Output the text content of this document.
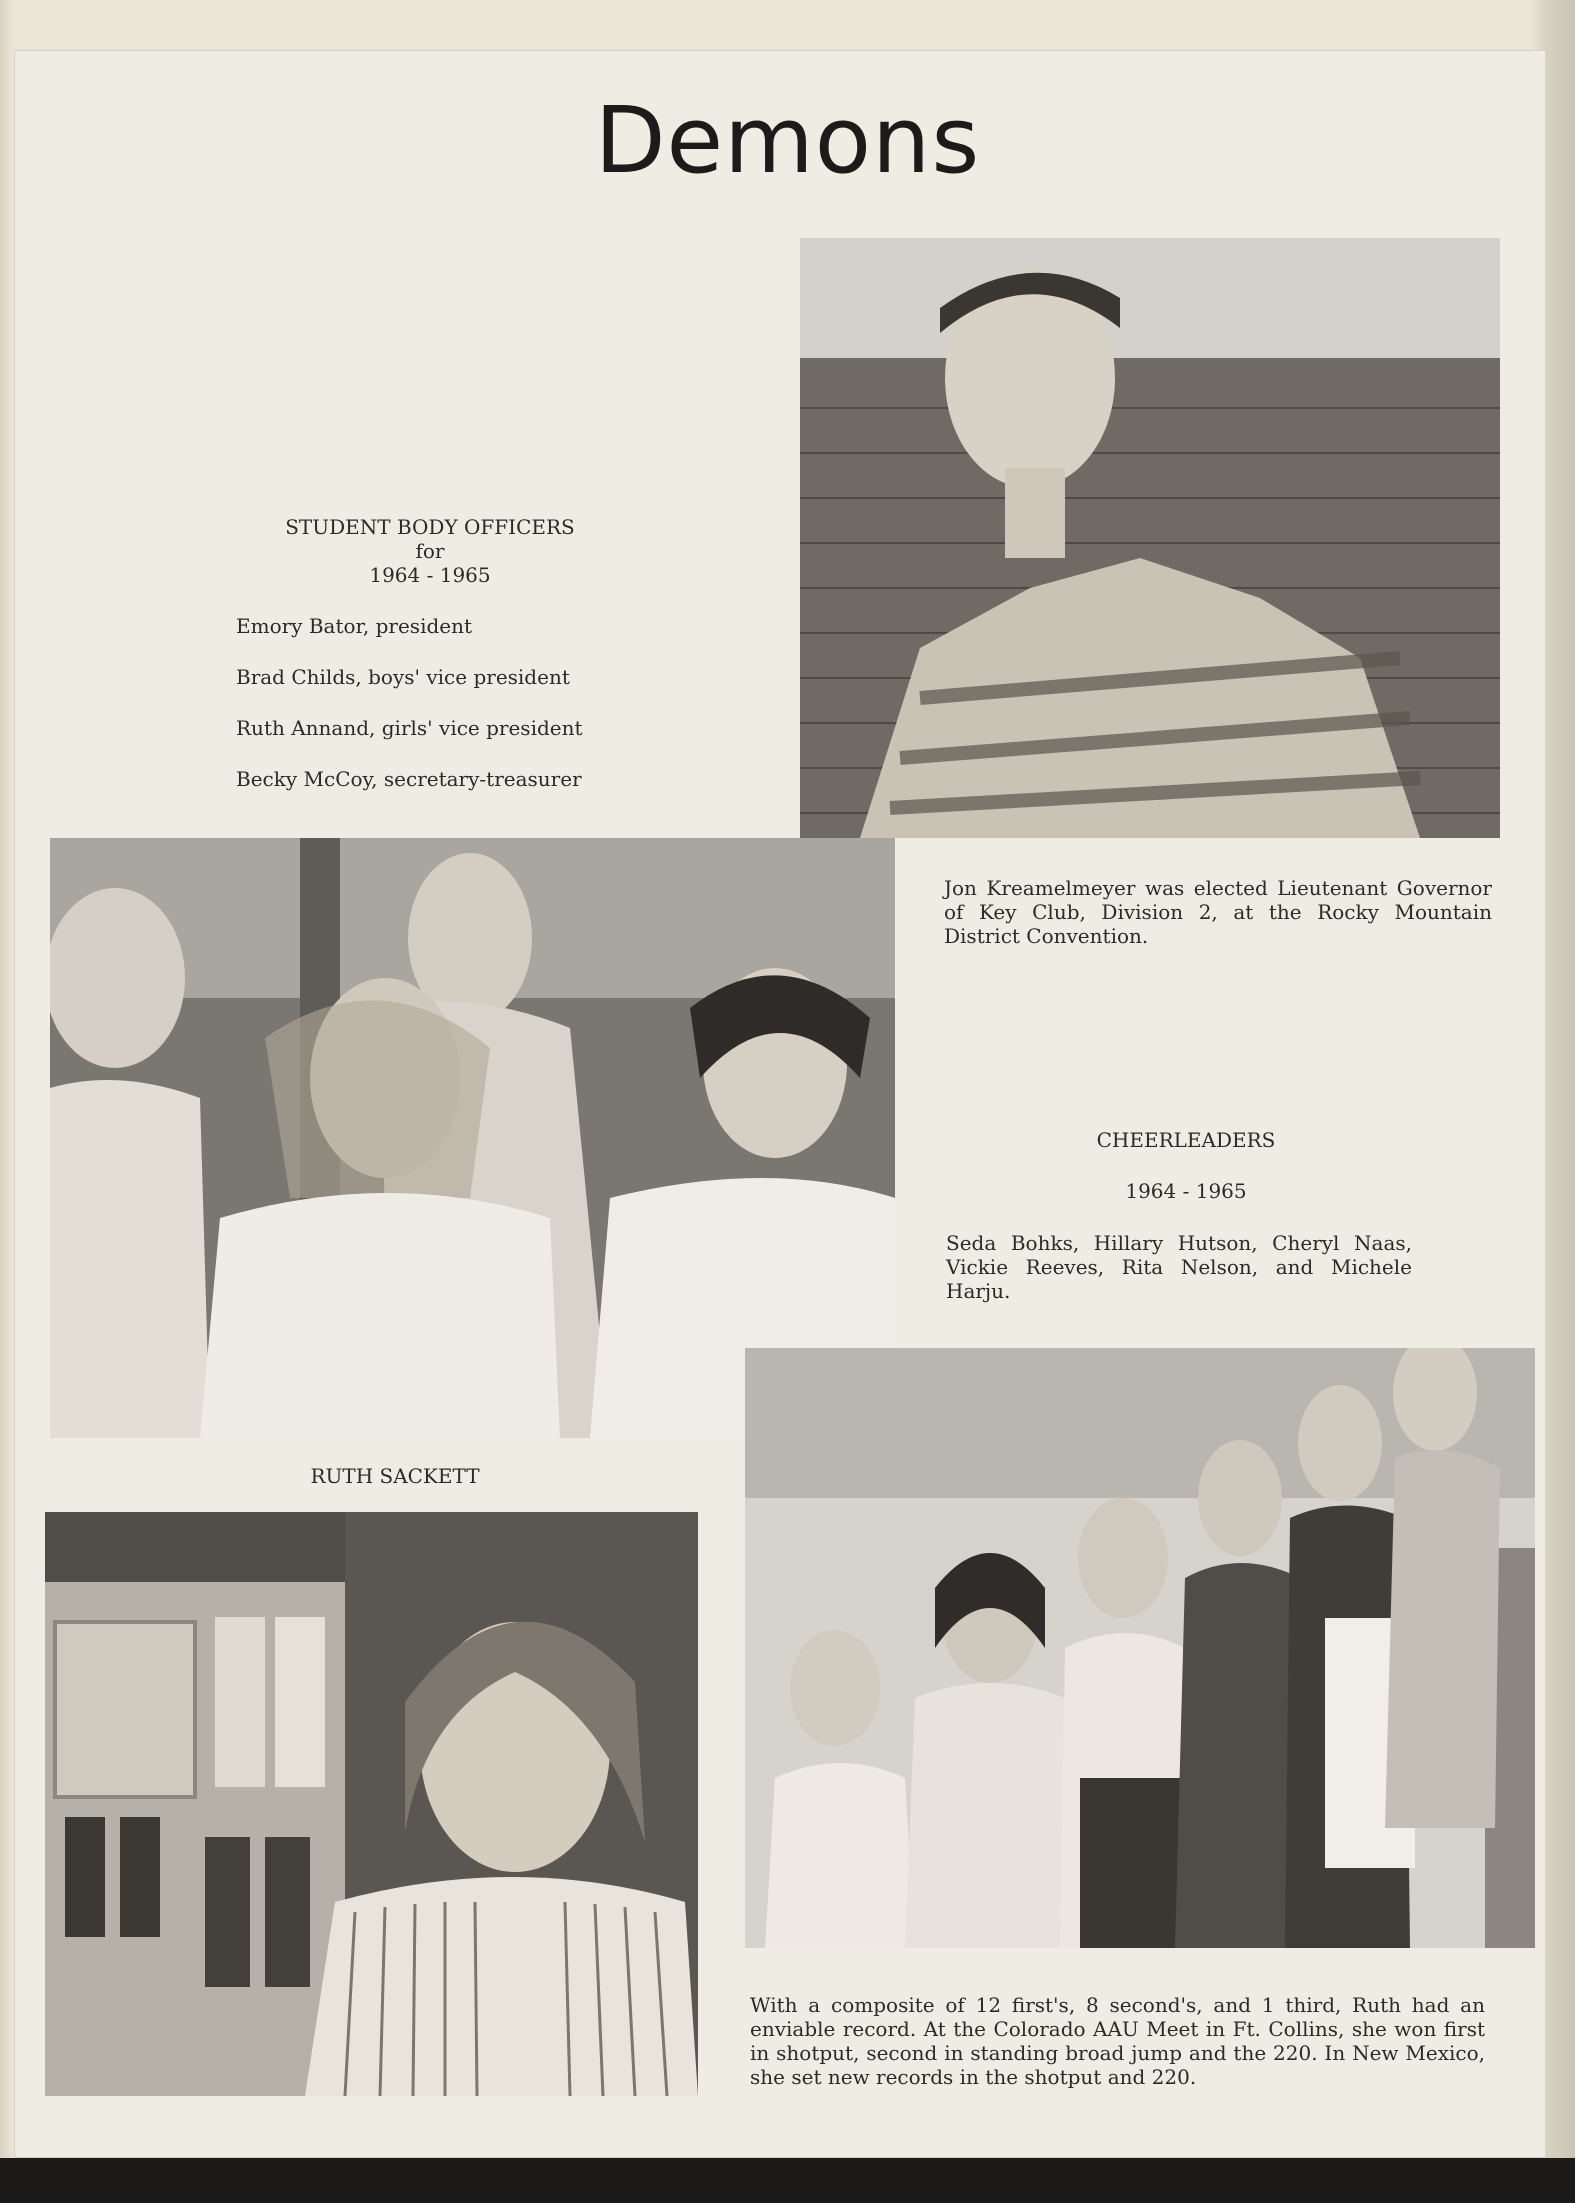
Demons
STUDENT BODY OFFICERS
for
1964 - 1965
Emory Bator, president
Brad Childs, boys' vice president
Ruth Annand, girls' vice president
Becky McCoy, secretary-treasurer
Jon Kreamelmeyer was elected Lieutenant Governor of Key Club, Division 2, at the Rocky Mountain District Convention.
CHEERLEADERS
1964 - 1965
Seda Bohks, Hillary Hutson, Cheryl Naas, Vickie Reeves, Rita Nelson, and Michele Harju.
RUTH SACKETT
With a composite of 12 first's, 8 second's, and 1 third, Ruth had an enviable record. At the Colorado AAU Meet in Ft. Collins, she won first in shotput, second in standing broad jump and the 220. In New Mexico, she set new records in the shotput and 220.
